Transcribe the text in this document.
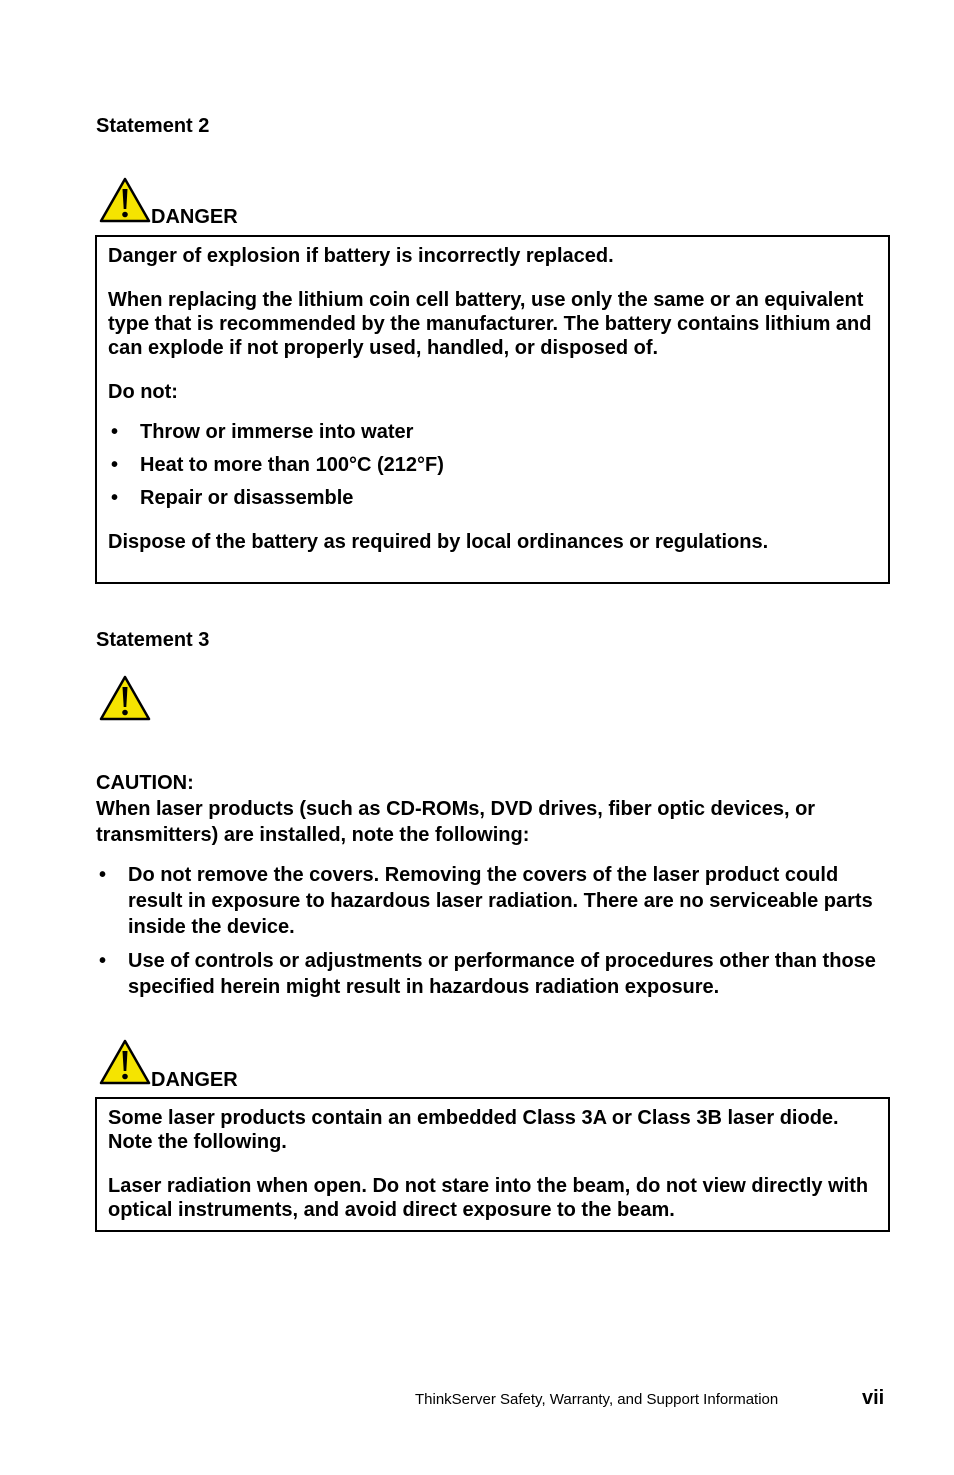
Statement 2
DANGER

Danger of explosion if battery is incorrectly replaced.

When replacing the lithium coin cell battery, use only the same or an equivalent type that is recommended by the manufacturer. The battery contains lithium and can explode if not properly used, handled, or disposed of.

Do not:

• Throw or immerse into water
• Heat to more than 100°C (212°F)
• Repair or disassemble

Dispose of the battery as required by local ordinances or regulations.

Statement 3
CAUTION:
When laser products (such as CD-ROMs, DVD drives, fiber optic devices, or transmitters) are installed, note the following:
• Do not remove the covers. Removing the covers of the laser product could result in exposure to hazardous laser radiation. There are no serviceable parts inside the device.
• Use of controls or adjustments or performance of procedures other than those specified herein might result in hazardous radiation exposure.
DANGER

Some laser products contain an embedded Class 3A or Class 3B laser diode. Note the following.

Laser radiation when open. Do not stare into the beam, do not view directly with optical instruments, and avoid direct exposure to the beam.

ThinkServer Safety, Warranty, and Support Information	vii
